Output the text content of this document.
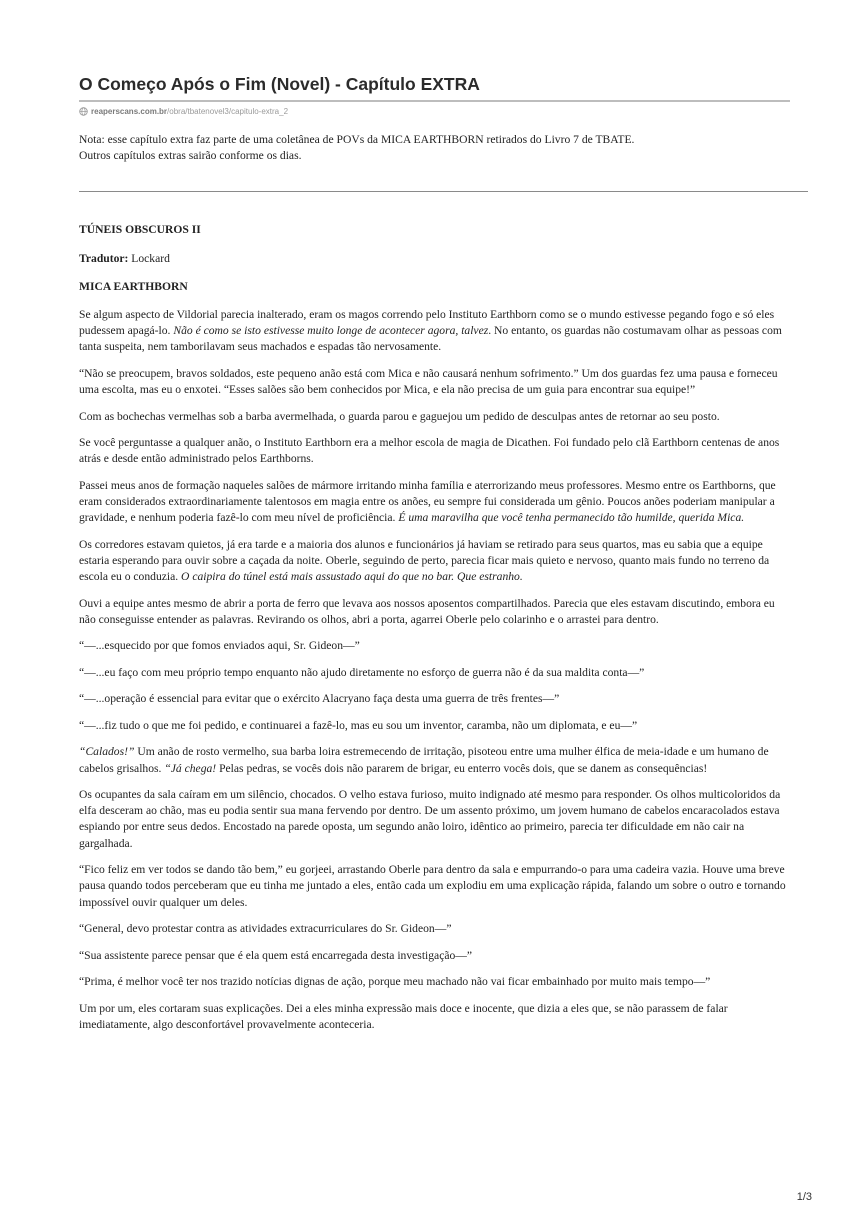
O Começo Após o Fim (Novel) - Capítulo EXTRA
reaperscans.com.br/obra/tbatenovel3/capitulo-extra_2

Nota: esse capítulo extra faz parte de uma coletânea de POVs da MICA EARTHBORN retirados do Livro 7 de TBATE.
Outros capítulos extras sairão conforme os dias.

TÚNEIS OBSCUROS II

Tradutor: Lockard

MICA EARTHBORN

Se algum aspecto de Vildorial parecia inalterado, eram os magos correndo pelo Instituto Earthborn como se o mundo estivesse pegando fogo e só eles pudessem apagá-lo. Não é como se isto estivesse muito longe de acontecer agora, talvez. No entanto, os guardas não costumavam olhar as pessoas com tanta suspeita, nem tamborilavam seus machados e espadas tão nervosamente.

“Não se preocupem, bravos soldados, este pequeno anão está com Mica e não causará nenhum sofrimento.” Um dos guardas fez uma pausa e forneceu uma escolta, mas eu o enxotei. “Esses salões são bem conhecidos por Mica, e ela não precisa de um guia para encontrar sua equipe!”

Com as bochechas vermelhas sob a barba avermelhada, o guarda parou e gaguejou um pedido de desculpas antes de retornar ao seu posto.

Se você perguntasse a qualquer anão, o Instituto Earthborn era a melhor escola de magia de Dicathen. Foi fundado pelo clã Earthborn centenas de anos atrás e desde então administrado pelos Earthborns.

Passei meus anos de formação naqueles salões de mármore irritando minha família e aterrorizando meus professores. Mesmo entre os Earthborns, que eram considerados extraordinariamente talentosos em magia entre os anões, eu sempre fui considerada um gênio. Poucos anões poderiam manipular a gravidade, e nenhum poderia fazê-lo com meu nível de proficiência. É uma maravilha que você tenha permanecido tão humilde, querida Mica.

Os corredores estavam quietos, já era tarde e a maioria dos alunos e funcionários já haviam se retirado para seus quartos, mas eu sabia que a equipe estaria esperando para ouvir sobre a caçada da noite. Oberle, seguindo de perto, parecia ficar mais quieto e nervoso, quanto mais fundo no terreno da escola eu o conduzia. O caipira do túnel está mais assustado aqui do que no bar. Que estranho.

Ouvi a equipe antes mesmo de abrir a porta de ferro que levava aos nossos aposentos compartilhados. Parecia que eles estavam discutindo, embora eu não conseguisse entender as palavras. Revirando os olhos, abri a porta, agarrei Oberle pelo colarinho e o arrastei para dentro.

“—...esquecido por que fomos enviados aqui, Sr. Gideon—”

“—...eu faço com meu próprio tempo enquanto não ajudo diretamente no esforço de guerra não é da sua maldita conta—”

“—...operação é essencial para evitar que o exército Alacryano faça desta uma guerra de três frentes—”

“—...fiz tudo o que me foi pedido, e continuarei a fazê-lo, mas eu sou um inventor, caramba, não um diplomata, e eu—”

“Calados!” Um anão de rosto vermelho, sua barba loira estremecendo de irritação, pisoteou entre uma mulher élfica de meia-idade e um humano de cabelos grisalhos. “Já chega! Pelas pedras, se vocês dois não pararem de brigar, eu enterro vocês dois, que se danem as consequências!

Os ocupantes da sala caíram em um silêncio, chocados. O velho estava furioso, muito indignado até mesmo para responder. Os olhos multicoloridos da elfa desceram ao chão, mas eu podia sentir sua mana fervendo por dentro. De um assento próximo, um jovem humano de cabelos encaracolados estava espiando por entre seus dedos. Encostado na parede oposta, um segundo anão loiro, idêntico ao primeiro, parecia ter dificuldade em não cair na gargalhada.

“Fico feliz em ver todos se dando tão bem,” eu gorjeei, arrastando Oberle para dentro da sala e empurrando-o para uma cadeira vazia. Houve uma breve pausa quando todos perceberam que eu tinha me juntado a eles, então cada um explodiu em uma explicação rápida, falando um sobre o outro e tornando impossível ouvir qualquer um deles.

“General, devo protestar contra as atividades extracurriculares do Sr. Gideon—”

“Sua assistente parece pensar que é ela quem está encarregada desta investigação—”

“Prima, é melhor você ter nos trazido notícias dignas de ação, porque meu machado não vai ficar embainhado por muito mais tempo—”

Um por um, eles cortaram suas explicações. Dei a eles minha expressão mais doce e inocente, que dizia a eles que, se não parassem de falar imediatamente, algo desconfortável provavelmente aconteceria.

1/3
